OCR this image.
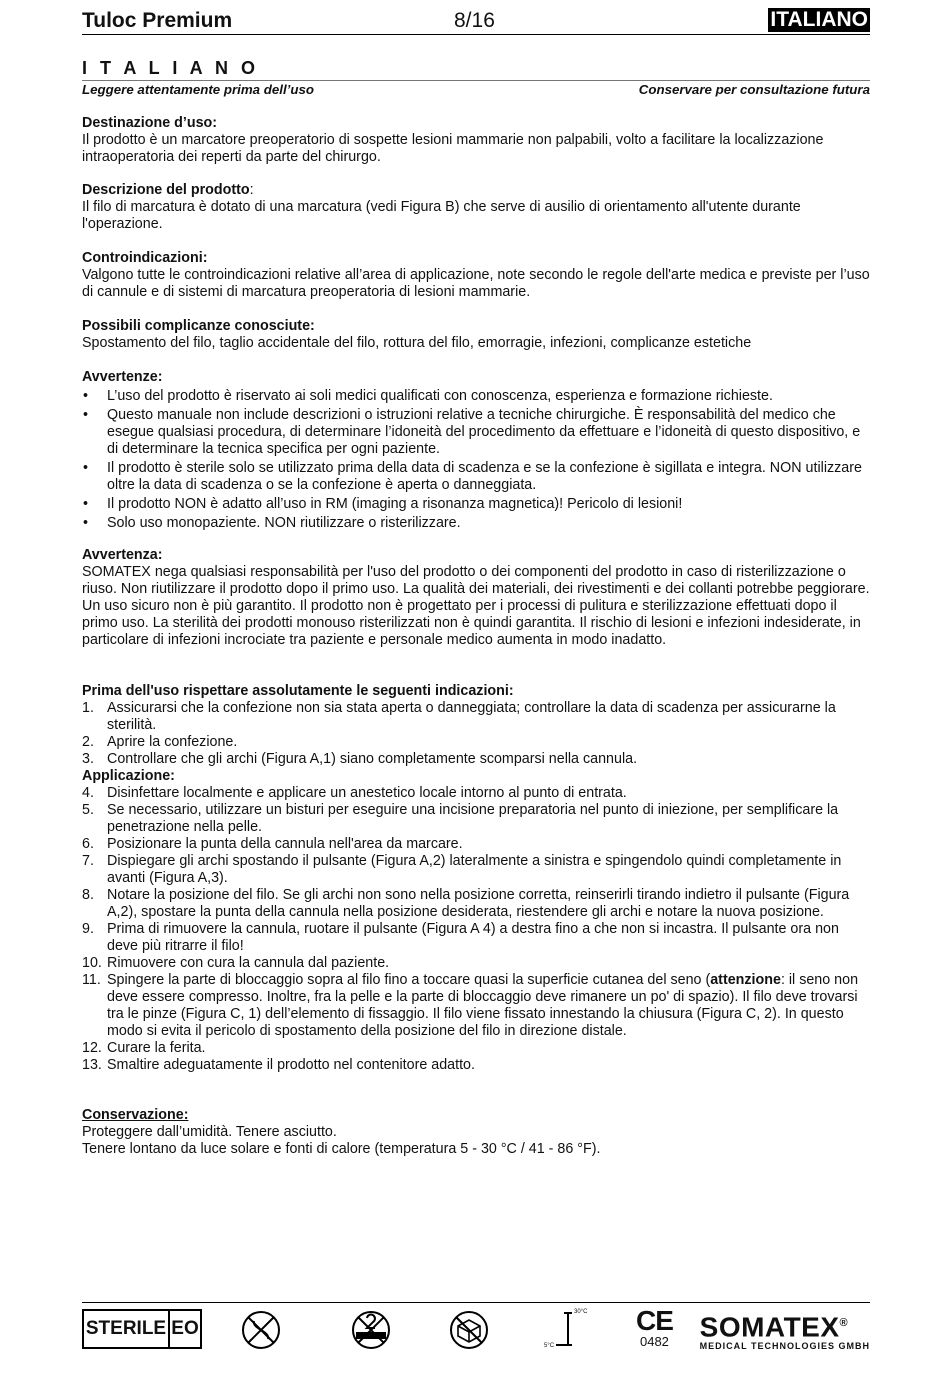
Tuloc Premium	8/16	ITALIANO
I T A L I A N O
Leggere attentamente prima dell’uso	Conservare per consultazione futura
Destinazione d’uso:

Il prodotto è un marcatore preoperatorio di sospette lesioni mammarie non palpabili, volto a facilitare la localizzazione intraoperatoria dei reperti da parte del chirurgo.

Descrizione del prodotto:

Il filo di marcatura è dotato di una marcatura (vedi Figura B) che serve di ausilio di orientamento all'utente durante l'operazione.

Controindicazioni:

Valgono tutte le controindicazioni relative all’area di applicazione, note secondo le regole dell'arte medica e previste per l’uso di cannule e di sistemi di marcatura preoperatoria di lesioni mammarie.

Possibili complicanze conosciute:

Spostamento del filo, taglio accidentale del filo, rottura del filo, emorragie, infezioni, complicanze estetiche

Avvertenze:
• L’uso del prodotto è riservato ai soli medici qualificati con conoscenza, esperienza e formazione richieste.
• Questo manuale non include descrizioni o istruzioni relative a tecniche chirurgiche. È responsabilità del medico che esegue qualsiasi procedura, di determinare l’idoneità del procedimento da effettuare e l’idoneità di questo dispositivo, e di determinare la tecnica specifica per ogni paziente.
• Il prodotto è sterile solo se utilizzato prima della data di scadenza e se la confezione è sigillata e integra. NON utilizzare oltre la data di scadenza o se la confezione è aperta o danneggiata.
• Il prodotto NON è adatto all’uso in RM (imaging a risonanza magnetica)! Pericolo di lesioni!
• Solo uso monopaziente. NON riutilizzare o risterilizzare.
Avvertenza:

SOMATEX nega qualsiasi responsabilità per l'uso del prodotto o dei componenti del prodotto in caso di risterilizzazione o riuso. Non riutilizzare il prodotto dopo il primo uso. La qualità dei materiali, dei rivestimenti e dei collanti potrebbe peggiorare. Un uso sicuro non è più garantito. Il prodotto non è progettato per i processi di pulitura e sterilizzazione effettuati dopo il primo uso. La sterilità dei prodotti monouso risterilizzati non è quindi garantita. Il rischio di lesioni e infezioni indesiderate, in particolare di infezioni incrociate tra paziente e personale medico aumenta in modo inadatto.

Prima dell'uso rispettare assolutamente le seguenti indicazioni:
1. Assicurarsi che la confezione non sia stata aperta o danneggiata; controllare la data di scadenza per assicurarne la sterilità.
2. Aprire la confezione.
3. Controllare che gli archi (Figura A,1) siano completamente scomparsi nella cannula.
Applicazione:
4. Disinfettare localmente e applicare un anestetico locale intorno al punto di entrata.
5. Se necessario, utilizzare un bisturi per eseguire una incisione preparatoria nel punto di iniezione, per semplificare la penetrazione nella pelle.
6. Posizionare la punta della cannula nell'area da marcare.
7. Dispiegare gli archi spostando il pulsante (Figura A,2) lateralmente a sinistra e spingendolo quindi completamente in avanti (Figura A,3).
8. Notare la posizione del filo. Se gli archi non sono nella posizione corretta, reinserirli tirando indietro il pulsante (Figura A,2), spostare la punta della cannula nella posizione desiderata, riestendere gli archi e notare la nuova posizione.
9. Prima di rimuovere la cannula, ruotare il pulsante (Figura A 4) a destra fino a che non si incastra. Il pulsante ora non deve più ritrarre il filo!
10. Rimuovere con cura la cannula dal paziente.
11. Spingere la parte di bloccaggio sopra al filo fino a toccare quasi la superficie cutanea del seno (attenzione: il seno non deve essere compresso. Inoltre, fra la pelle e la parte di bloccaggio deve rimanere un po' di spazio). Il filo deve trovarsi tra le pinze (Figura C, 1) dell’elemento di fissaggio. Il filo viene fissato innestando la chiusura (Figura C, 2). In questo modo si evita il pericolo di spostamento della posizione del filo in direzione distale.
12. Curare la ferita.
13. Smaltire adeguatamente il prodotto nel contenitore adatto.
Conservazione:

Proteggere dall’umidità. Tenere asciutto.

Tenere lontano da luce solare e fonti di calore (temperatura 5 - 30 °C / 41 - 86 °F).

STERILE EO
30°C
5°C
CE
0482 SOMATEX®
MEDICAL TECHNOLOGIES GMBH
